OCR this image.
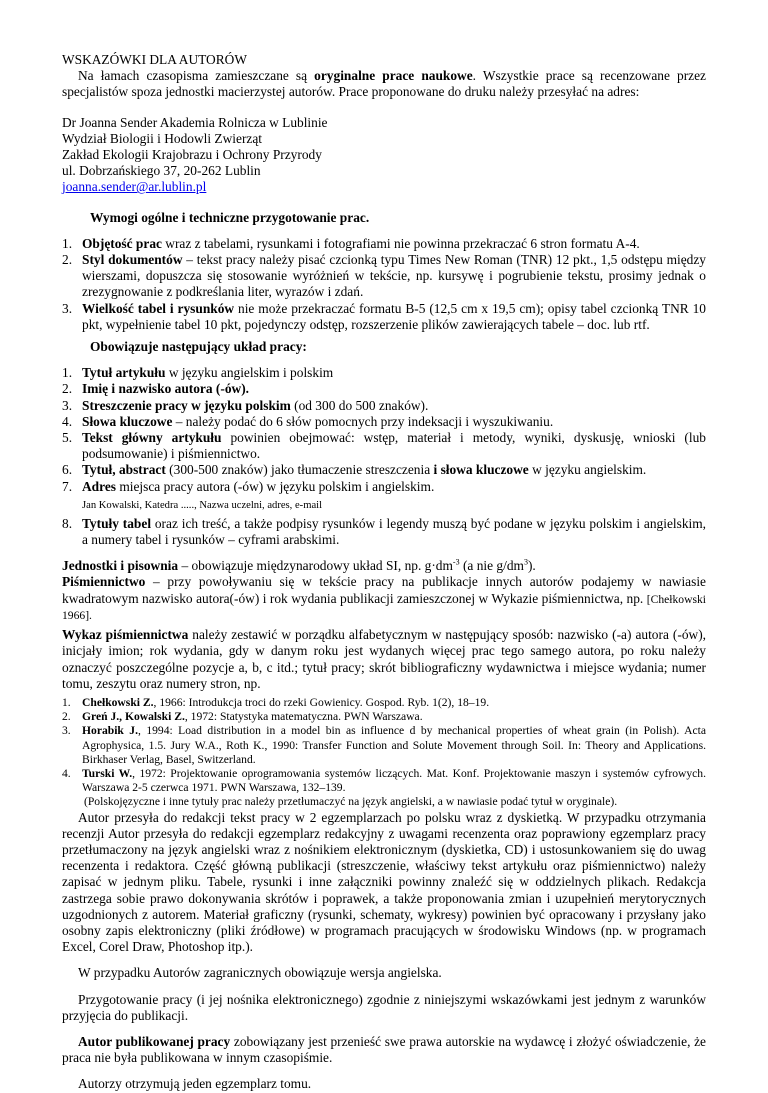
WSKAZÓWKI DLA AUTORÓW

Na łamach czasopisma zamieszczane są oryginalne prace naukowe. Wszystkie prace są recenzowane przez specjalistów spoza jednostki macierzystej autorów. Prace proponowane do druku należy przesyłać na adres:

Dr Joanna Sender Akademia Rolnicza w Lublinie

Wydział Biologii i Hodowli Zwierząt

Zakład Ekologii Krajobrazu i Ochrony Przyrody

ul. Dobrzańskiego 37, 20-262 Lublin

joanna.sender@ar.lublin.pl

Wymogi ogólne i techniczne przygotowanie prac.

1. Objętość prac wraz z tabelami, rysunkami i fotografiami nie powinna przekraczać 6 stron formatu A-4.
2. Styl dokumentów – tekst pracy należy pisać czcionką typu Times New Roman (TNR) 12 pkt., 1,5 odstępu między wierszami, dopuszcza się stosowanie wyróżnień w tekście, np. kursywę i pogrubienie tekstu, prosimy jednak o zrezygnowanie z podkreślania liter, wyrazów i zdań.
3. Wielkość tabel i rysunków nie może przekraczać formatu B-5 (12,5 cm x 19,5 cm); opisy tabel czcionką TNR 10 pkt, wypełnienie tabel 10 pkt, pojedynczy odstęp, rozszerzenie plików zawierających tabele – doc. lub rtf.

Obowiązuje następujący układ pracy:

1. Tytuł artykułu w języku angielskim i polskim
2. Imię i nazwisko autora (-ów).
3. Streszczenie pracy w języku polskim (od 300 do 500 znaków).
4. Słowa kluczowe – należy podać do 6 słów pomocnych przy indeksacji i wyszukiwaniu.
5. Tekst główny artykułu powinien obejmować: wstęp, materiał i metody, wyniki, dyskusję, wnioski (lub podsumowanie) i piśmiennictwo.
6. Tytuł, abstract (300-500 znaków) jako tłumaczenie streszczenia i słowa kluczowe w języku angielskim.
7. Adres miejsca pracy autora (-ów) w języku polskim i angielskim.

Jan Kowalski, Katedra ....., Nazwa uczelni, adres, e-mail

8. Tytuły tabel oraz ich treść, a także podpisy rysunków i legendy muszą być podane w języku polskim i angielskim, a numery tabel i rysunków – cyframi arabskimi.

Jednostki i pisownia – obowiązuje międzynarodowy układ SI, np. $g\cdot dm^{-3}$ (a nie $g/dm^3$).

Piśmiennictwo – przy powoływaniu się w tekście pracy na publikacje innych autorów podajemy w nawiasie kwadratowym nazwisko autora(-ów) i rok wydania publikacji zamieszczonej w Wykazie piśmiennictwa, np. [Chełkowski 1966].

Wykaz piśmiennictwa należy zestawić w porządku alfabetycznym w następujący sposób: nazwisko (-a) autora (-ów), inicjały imion; rok wydania, gdy w danym roku jest wydanych więcej prac tego samego autora, po roku należy oznaczyć poszczególne pozycje a, b, c itd.; tytuł pracy; skrót bibliograficzny wydawnictwa i miejsce wydania; numer tomu, zeszytu oraz numery stron, np.

1. Chełkowski Z., 1966: Introdukcja troci do rzeki Gowienicy. Gospod. Ryb. 1(2), 18–19.
2. Greń J., Kowalski Z., 1972: Statystyka matematyczna. PWN Warszawa.
3. Horabik J., 1994: Load distribution in a model bin as influence d by mechanical properties of wheat grain (in Polish). Acta Agrophysica, 1.5. Jury W.A., Roth K., 1990: Transfer Function and Solute Movement through Soil. In: Theory and Applications. Birkhaser Verlag, Basel, Switzerland.
4. Turski W., 1972: Projektowanie oprogramowania systemów liczących. Mat. Konf. Projektowanie maszyn i systemów cyfrowych. Warszawa 2-5 czerwca 1971. PWN Warszawa, 132–139.

(Polskojęzyczne i inne tytuły prac należy przetłumaczyć na język angielski, a w nawiasie podać tytuł w oryginale).

Autor przesyła do redakcji tekst pracy w 2 egzemplarzach po polsku wraz z dyskietką. W przypadku otrzymania recenzji Autor przesyła do redakcji egzemplarz redakcyjny z uwagami recenzenta oraz poprawiony egzemplarz pracy przetłumaczony na język angielski wraz z nośnikiem elektronicznym (dyskietka, CD) i ustosunkowaniem się do uwag recenzenta i redaktora. Część główną publikacji (streszczenie, właściwy tekst artykułu oraz piśmiennictwo) należy zapisać w jednym pliku. Tabele, rysunki i inne załączniki powinny znaleźć się w oddzielnych plikach. Redakcja zastrzega sobie prawo dokonywania skrótów i poprawek, a także proponowania zmian i uzupełnień merytorycznych uzgodnionych z autorem. Materiał graficzny (rysunki, schematy, wykresy) powinien być opracowany i przysłany jako osobny zapis elektroniczny (pliki źródłowe) w programach pracujących w środowisku Windows (np. w programach Excel, Corel Draw, Photoshop itp.).

W przypadku Autorów zagranicznych obowiązuje wersja angielska.

Przygotowanie pracy (i jej nośnika elektronicznego) zgodnie z niniejszymi wskazówkami jest jednym z warunków przyjęcia do publikacji.

Autor publikowanej pracy zobowiązany jest przenieść swe prawa autorskie na wydawcę i złożyć oświadczenie, że praca nie była publikowana w innym czasopiśmie.

Autorzy otrzymują jeden egzemplarz tomu.
